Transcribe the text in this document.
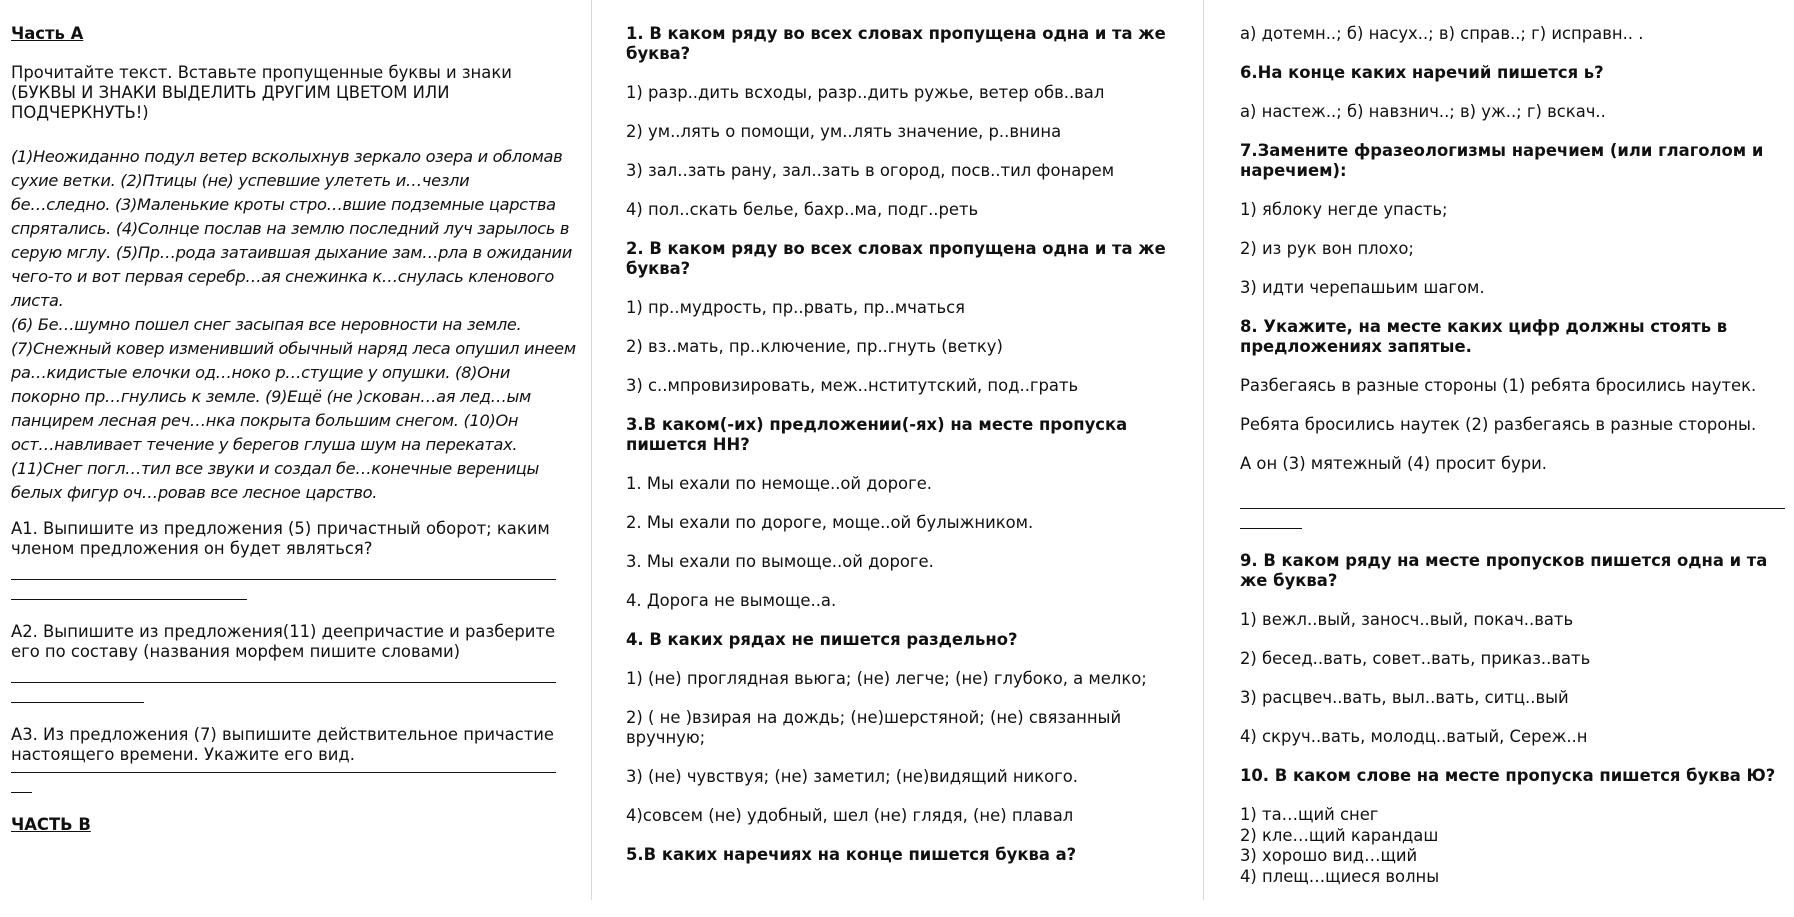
Часть А
Прочитайте текст. Вставьте пропущенные буквы и знаки (БУКВЫ И ЗНАКИ ВЫДЕЛИТЬ ДРУГИМ ЦВЕТОМ ИЛИ ПОДЧЕРКНУТЬ!)
(1)Неожиданно подул ветер всколыхнув зеркало озера и обломав
сухие ветки. (2)Птицы (не) успевшие улететь и…чезли
бе…следно. (3)Маленькие кроты стро…вшие подземные царства
спрятались. (4)Солнце послав на землю последний луч зарылось в
серую мглу. (5)Пр…рода затаившая дыхание зам…рла в ожидании
чего-то и вот первая серебр…ая снежинка к…снулась кленового
листа.
(6) Бе…шумно пошел снег засыпая все неровности на земле.
(7)Снежный ковер изменивший обычный наряд леса опушил инеем
ра…кидистые елочки од…ноко р…стущие у опушки. (8)Они
покорно пр…гнулись к земле. (9)Ещё (не )скован…ая лед…ым
панцирем лесная реч…нка покрыта большим снегом. (10)Он
ост…навливает течение у берегов глуша шум на перекатах.
(11)Снег погл…тил все звуки и создал бе…конечные вереницы
белых фигур оч…ровав все лесное царство.
А1. Выпишите из предложения (5) причастный оборот; каким членом предложения он будет являться?
А2. Выпишите из предложения(11) деепричастие и разберите его по составу (названия морфем пишите словами)
А3. Из предложения (7) выпишите действительное причастие настоящего времени. Укажите его вид.
ЧАСТЬ В
1. В каком ряду во всех словах пропущена одна и та же буква?
1) разр..дить всходы, разр..дить ружье, ветер обв..вал
2) ум..лять о помощи, ум..лять значение, р..внина
3) зал..зать рану, зал..зать в огород, посв..тил фонарем
4) пол..скать белье, бахр..ма, подг..реть
2. В каком ряду во всех словах пропущена одна и та же буква?
1) пр..мудрость, пр..рвать, пр..мчаться
2) вз..мать, пр..ключение, пр..гнуть (ветку)
3) с..мпровизировать, меж..нститутский, под..грать
3.В каком(-их) предложении(-ях) на месте пропуска пишется НН?
1. Мы ехали по немоще..ой дороге.
2. Мы ехали по дороге, моще..ой булыжником.
3. Мы ехали по вымоще..ой дороге.
4. Дорога не вымоще..а.
4. В каких рядах не пишется раздельно?
1) (не) проглядная вьюга; (не) легче; (не) глубоко, а мелко;
2) ( не )взирая на дождь; (не)шерстяной; (не) связанный вручную;
3) (не) чувствуя; (не) заметил; (не)видящий никого.
4)совсем (не) удобный, шел (не) глядя, (не) плавал
5.В каких наречиях на конце пишется буква а?
а) дотемн..; б) насух..; в) справ..; г) исправн.. .
6.На конце каких наречий пишется ь?
а) настеж..; б) навзнич..; в) уж..; г) вскач..
7.Замените фразеологизмы наречием (или глаголом и наречием):
1) яблоку негде упасть;
2) из рук вон плохо;
3) идти черепашьим шагом.
8. Укажите, на месте каких цифр должны стоять в предложениях запятые.
Разбегаясь в разные стороны (1) ребята бросились наутек.
Ребята бросились наутек (2) разбегаясь в разные стороны.
А он (3) мятежный (4) просит бури.
9. В каком ряду на месте пропусков пишется одна и та же буква?
1) вежл..вый, заносч..вый, покач..вать
2) бесед..вать, совет..вать, приказ..вать
3) расцвеч..вать, выл..вать, ситц..вый
4) скруч..вать, молодц..ватый, Сереж..н
10. В каком слове на месте пропуска пишется буква Ю?
1) та…щий снег
2) кле…щий карандаш
3) хорошо вид…щий
4) плещ…щиеся волны
